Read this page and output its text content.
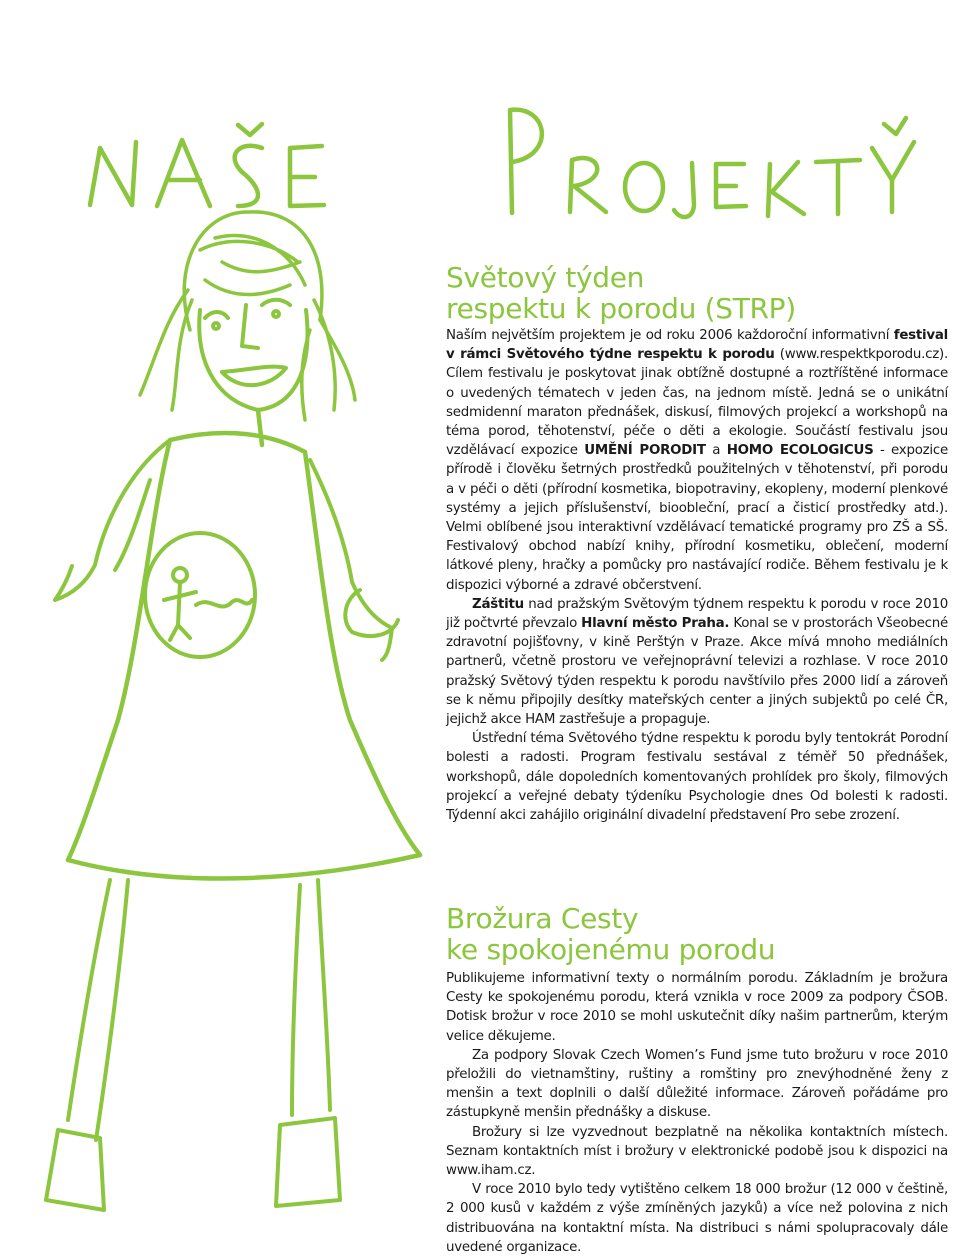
Světový týden
respektu k porodu (STRP)

Naším největším projektem je od roku 2006 každoroční informativní festival v rámci Světového týdne respektu k porodu (www.respektkporodu.cz). Cílem festivalu je poskytovat jinak obtížně dostupné a roztříštěné informace o uvedených tématech v jeden čas, na jednom místě. Jedná se o unikátní sedmidenní maraton přednášek, diskusí, filmových projekcí a workshopů na téma porod, těhotenství, péče o děti a ekologie. Součástí festivalu jsou vzdělávací expozice UMĚNÍ PORODIT a HOMO ECOLOGICUS - expozice přírodě i člověku šetrných prostředků použitelných v těhotenství, při porodu a v péči o děti (přírodní kosmetika, biopotraviny, ekopleny, moderní plenkové systémy a jejich příslušenství, bioobleční, prací a čisticí prostředky atd.). Velmi oblíbené jsou interaktivní vzdělávací tematické programy pro ZŠ a SŠ. Festivalový obchod nabízí knihy, přírodní kosmetiku, oblečení, moderní látkové pleny, hračky a pomůcky pro nastávající rodiče. Během festivalu je k dispozici výborné a zdravé občerstvení.

Záštitu nad pražským Světovým týdnem respektu k porodu v roce 2010 již počtvrté převzalo Hlavní město Praha. Konal se v prostorách Všeobecné zdravotní pojišťovny, v kině Perštýn v Praze. Akce mívá mnoho mediálních partnerů, včetně prostoru ve veřejnoprávní televizi a rozhlase. V roce 2010 pražský Světový týden respektu k porodu navštívilo přes 2000 lidí a zároveň se k němu připojily desítky mateřských center a jiných subjektů po celé ČR, jejichž akce HAM zastřešuje a propaguje.

Ústřední téma Světového týdne respektu k porodu byly tentokrát Porodní bolesti a radosti. Program festivalu sestával z téměř 50 přednášek, workshopů, dále dopoledních komentovaných prohlídek pro školy, filmových projekcí a veřejné debaty týdeníku Psychologie dnes Od bolesti k radosti. Týdenní akci zahájilo originální divadelní představení Pro sebe zrození.

Brožura Cesty
ke spokojenému porodu

Publikujeme informativní texty o normálním porodu. Základním je brožura Cesty ke spokojenému porodu, která vznikla v roce 2009 za podpory ČSOB. Dotisk brožur v roce 2010 se mohl uskutečnit díky našim partnerům, kterým velice děkujeme.

Za podpory Slovak Czech Women’s Fund jsme tuto brožuru v roce 2010 přeložili do vietnamštiny, ruštiny a romštiny pro znevýhodněné ženy z menšin a text doplnili o další důležité informace. Zároveň pořádáme pro zástupkyně menšin přednášky a diskuse.

Brožury si lze vyzvednout bezplatně na několika kontaktních místech. Seznam kontaktních míst i brožury v elektronické podobě jsou k dispozici na www.iham.cz.

V roce 2010 bylo tedy vytištěno celkem 18 000 brožur (12 000 v češtině, 2 000 kusů v každém z výše zmíněných jazyků) a více než polovina z nich distribuována na kontaktní místa. Na distribuci s námi spolupracovaly dále uvedené organizace.
